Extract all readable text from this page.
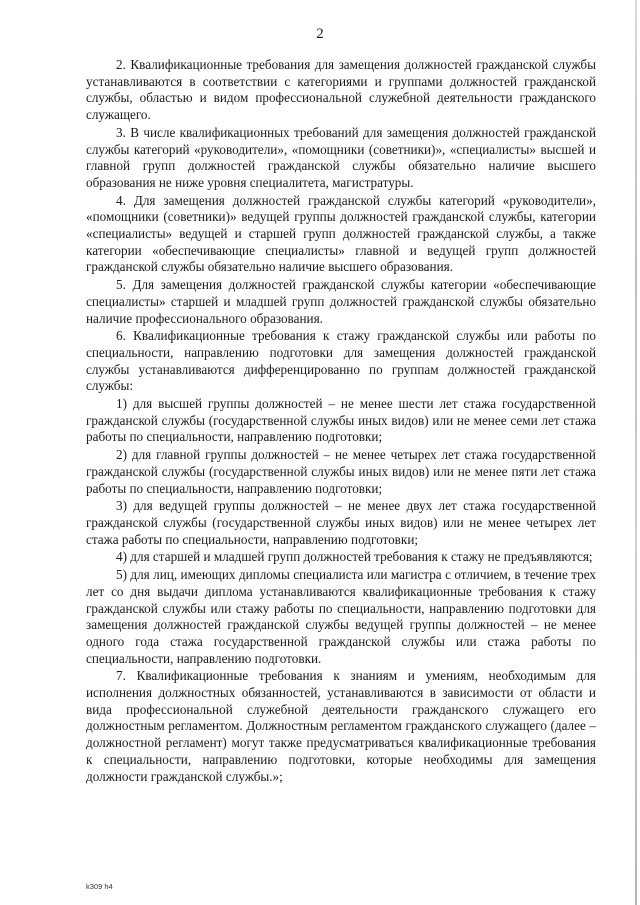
2

2. Квалификационные требования для замещения должностей гражданской службы устанавливаются в соответствии с категориями и группами должностей гражданской службы, областью и видом профессиональной служебной деятельности гражданского служащего.

3. В числе квалификационных требований для замещения должностей гражданской службы категорий «руководители», «помощники (советники)», «специалисты» высшей и главной групп должностей гражданской службы обязательно наличие высшего образования не ниже уровня специалитета, магистратуры.

4. Для замещения должностей гражданской службы категорий «руководители», «помощники (советники)» ведущей группы должностей гражданской службы, категории «специалисты» ведущей и старшей групп должностей гражданской службы, а также категории «обеспечивающие специалисты» главной и ведущей групп должностей гражданской службы обязательно наличие высшего образования.

5. Для замещения должностей гражданской службы категории «обеспечивающие специалисты» старшей и младшей групп должностей гражданской службы обязательно наличие профессионального образования.

6. Квалификационные требования к стажу гражданской службы или работы по специальности, направлению подготовки для замещения должностей гражданской службы устанавливаются дифференцированно по группам должностей гражданской службы:

1) для высшей группы должностей – не менее шести лет стажа государственной гражданской службы (государственной службы иных видов) или не менее семи лет стажа работы по специальности, направлению подготовки;

2) для главной группы должностей – не менее четырех лет стажа государственной гражданской службы (государственной службы иных видов) или не менее пяти лет стажа работы по специальности, направлению подготовки;

3) для ведущей группы должностей – не менее двух лет стажа государственной гражданской службы (государственной службы иных видов) или не менее четырех лет стажа работы по специальности, направлению подготовки;

4) для старшей и младшей групп должностей требования к стажу не предъявляются;

5) для лиц, имеющих дипломы специалиста или магистра с отличием, в течение трех лет со дня выдачи диплома устанавливаются квалификационные требования к стажу гражданской службы или стажу работы по специальности, направлению подготовки для замещения должностей гражданской службы ведущей группы должностей – не менее одного года стажа государственной гражданской службы или стажа работы по специальности, направлению подготовки.

7. Квалификационные требования к знаниям и умениям, необходимым для исполнения должностных обязанностей, устанавливаются в зависимости от области и вида профессиональной служебной деятельности гражданского служащего его должностным регламентом. Должностным регламентом гражданского служащего (далее – должностной регламент) могут также предусматриваться квалификационные требования к специальности, направлению подготовки, которые необходимы для замещения должности гражданской службы.»;

k309 h4
